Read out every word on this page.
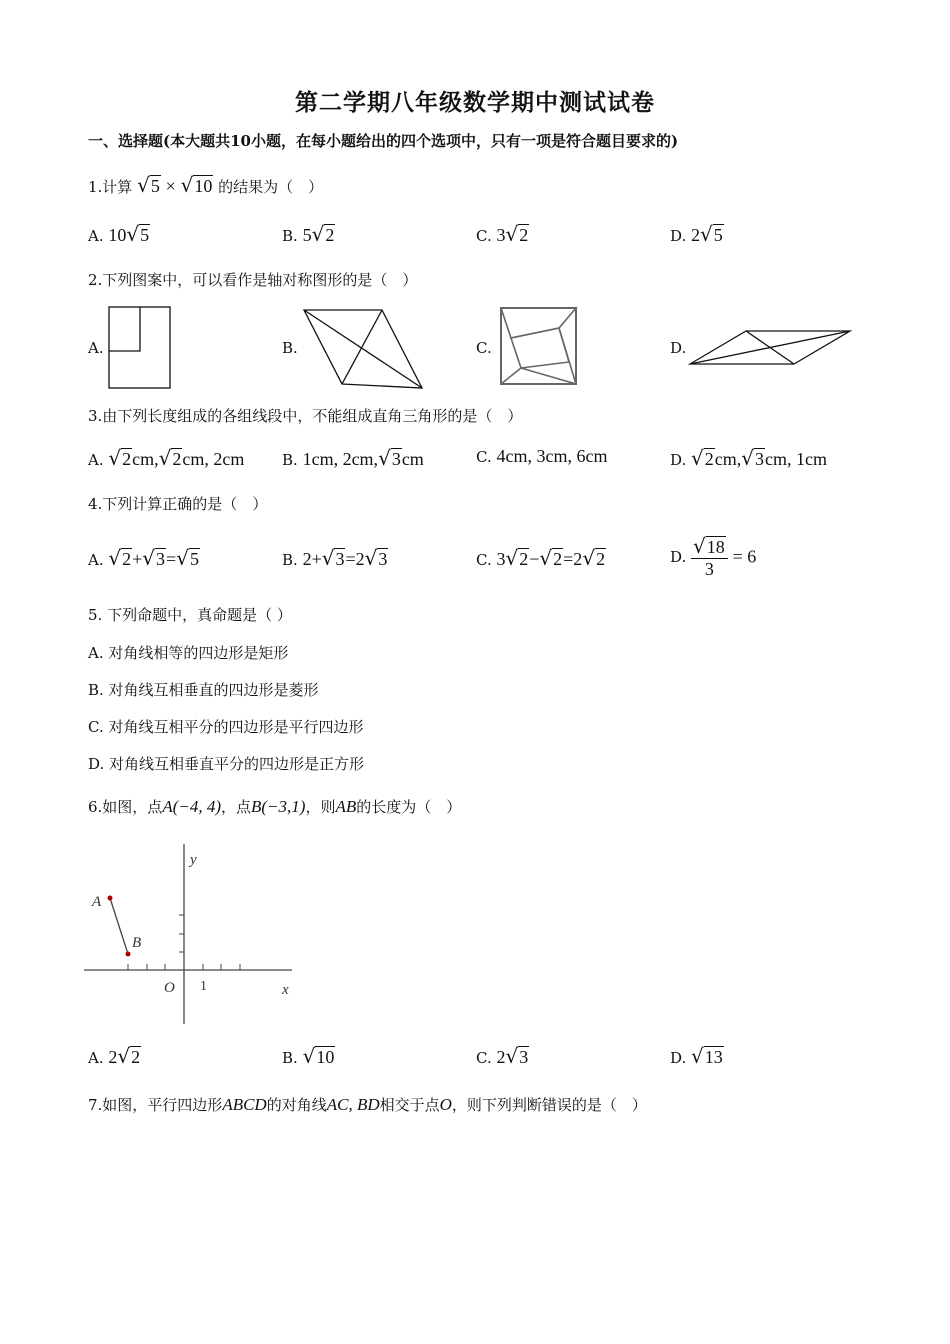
第二学期八年级数学期中测试试卷
一、选择题(本大题共10小题，在每小题给出的四个选项中，只有一项是符合题目要求的)
1.计算 √5 × √10 的结果为（　）
A. 10√5	B. 5√2	C. 3√2	D. 2√5
2.下列图案中，可以看作是轴对称图形的是（　）
A.	B.	C.	D.
3.由下列长度组成的各组线段中，不能组成直角三角形的是（　）
A. √2cm,√2cm, 2cm	B. 1cm, 2cm,√3cm	C. 4cm, 3cm, 6cm	D. √2cm,√3cm, 1cm
4.下列计算正确的是（　）
A. √2+√3=√5	B. 2+√3=2√3	C. 3√2−√2=2√2	D. $\frac{√18}{3} = 6$
5. 下列命题中，真命题是（ ）
A. 对角线相等的四边形是矩形
B. 对角线互相垂直的四边形是菱形
C. 对角线互相平分的四边形是平行四边形
D. 对角线互相垂直平分的四边形是正方形
6.如图，点A(−4, 4)，点B(−3,1)，则AB的长度为（　）
A
B
O 1	x
y
A. 2√2	B. √10	C. 2√3	D. √13
7.如图，平行四边形ABCD的对角线AC, BD相交于点O，则下列判断错误的是（　）
